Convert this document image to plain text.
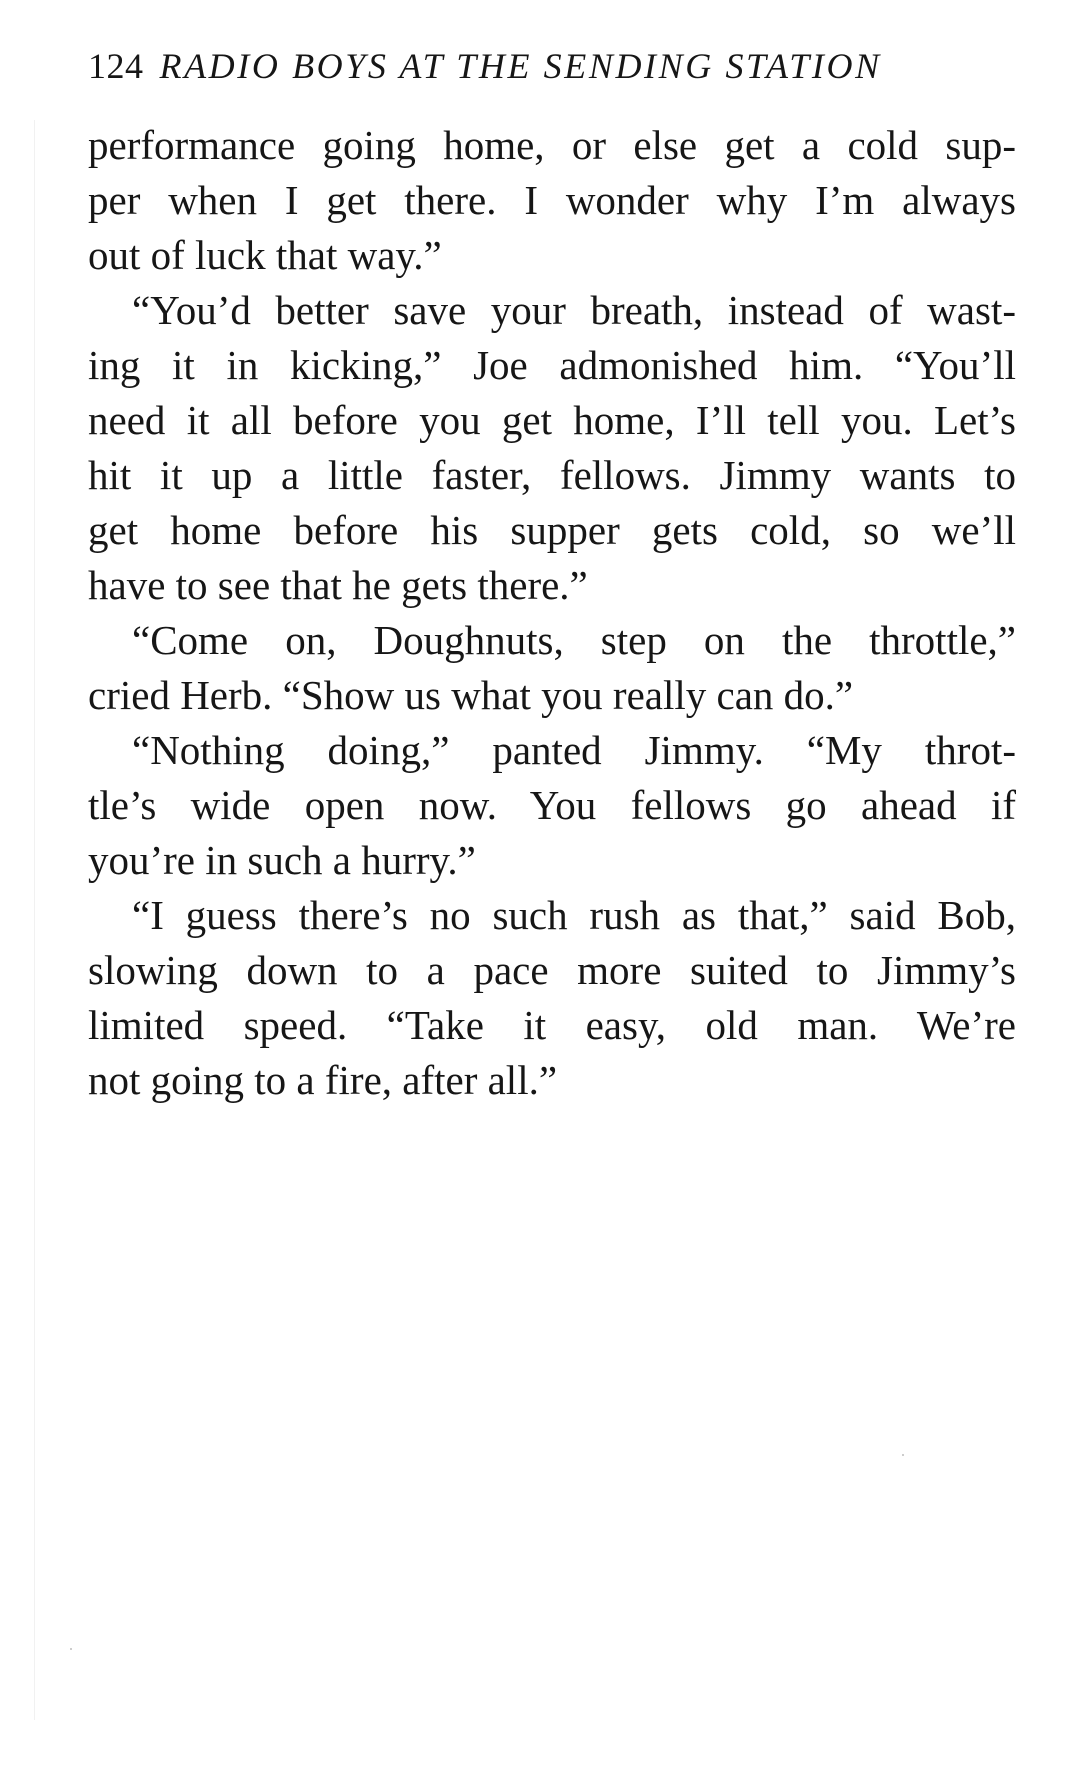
124 RADIO BOYS AT THE SENDING STATION
performance going home, or else get a cold sup-
per when I get there. I wonder why I’m always
out of luck that way.”
“You’d better save your breath, instead of wast-
ing it in kicking,” Joe admonished him. “You’ll
need it all before you get home, I’ll tell you. Let’s
hit it up a little faster, fellows. Jimmy wants to
get home before his supper gets cold, so we’ll
have to see that he gets there.”
“Come on, Doughnuts, step on the throttle,”
cried Herb. “Show us what you really can do.”
“Nothing doing,” panted Jimmy. “My throt-
tle’s wide open now. You fellows go ahead if
you’re in such a hurry.”
“I guess there’s no such rush as that,” said Bob,
slowing down to a pace more suited to Jimmy’s
limited speed. “Take it easy, old man. We’re
not going to a fire, after all.”
